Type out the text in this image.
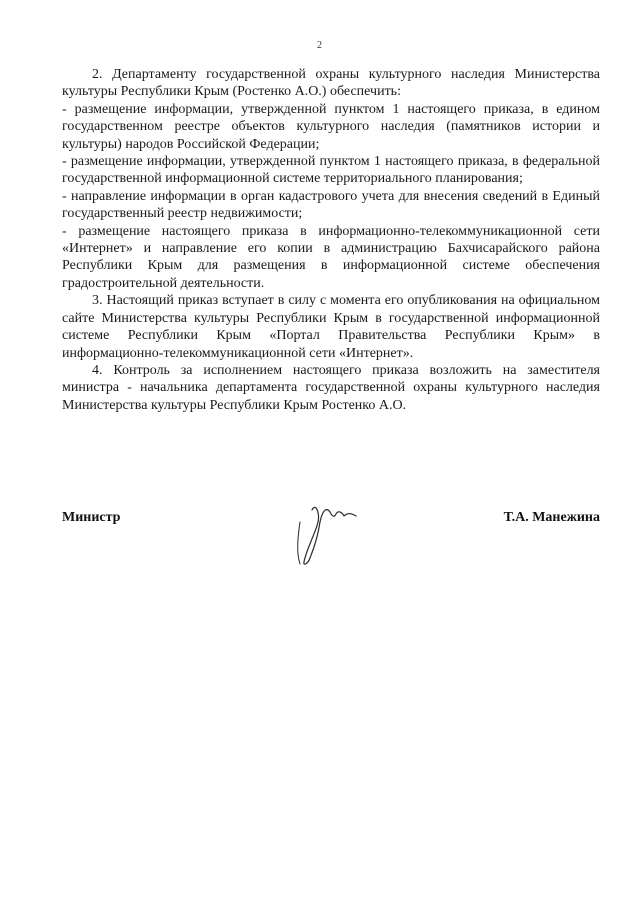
2

2. Департаменту государственной охраны культурного наследия Министерства культуры Республики Крым (Ростенко А.О.) обеспечить:

- размещение информации, утвержденной пунктом 1 настоящего приказа, в едином государственном реестре объектов культурного наследия (памятников истории и культуры) народов Российской Федерации;

- размещение информации, утвержденной пунктом 1 настоящего приказа, в федеральной государственной информационной системе территориального планирования;

- направление информации в орган кадастрового учета для внесения сведений в Единый государственный реестр недвижимости;

- размещение настоящего приказа в информационно-телекоммуникационной сети «Интернет» и направление его копии в администрацию Бахчисарайского района Республики Крым для размещения в информационной системе обеспечения градостроительной деятельности.

3. Настоящий приказ вступает в силу с момента его опубликования на официальном сайте Министерства культуры Республики Крым в государственной информационной системе Республики Крым «Портал Правительства Республики Крым» в информационно-телекоммуникационной сети «Интернет».

4. Контроль за исполнением настоящего приказа возложить на заместителя министра - начальника департамента государственной охраны культурного наследия Министерства культуры Республики Крым Ростенко А.О.

Министр	Т.А. Манежина
